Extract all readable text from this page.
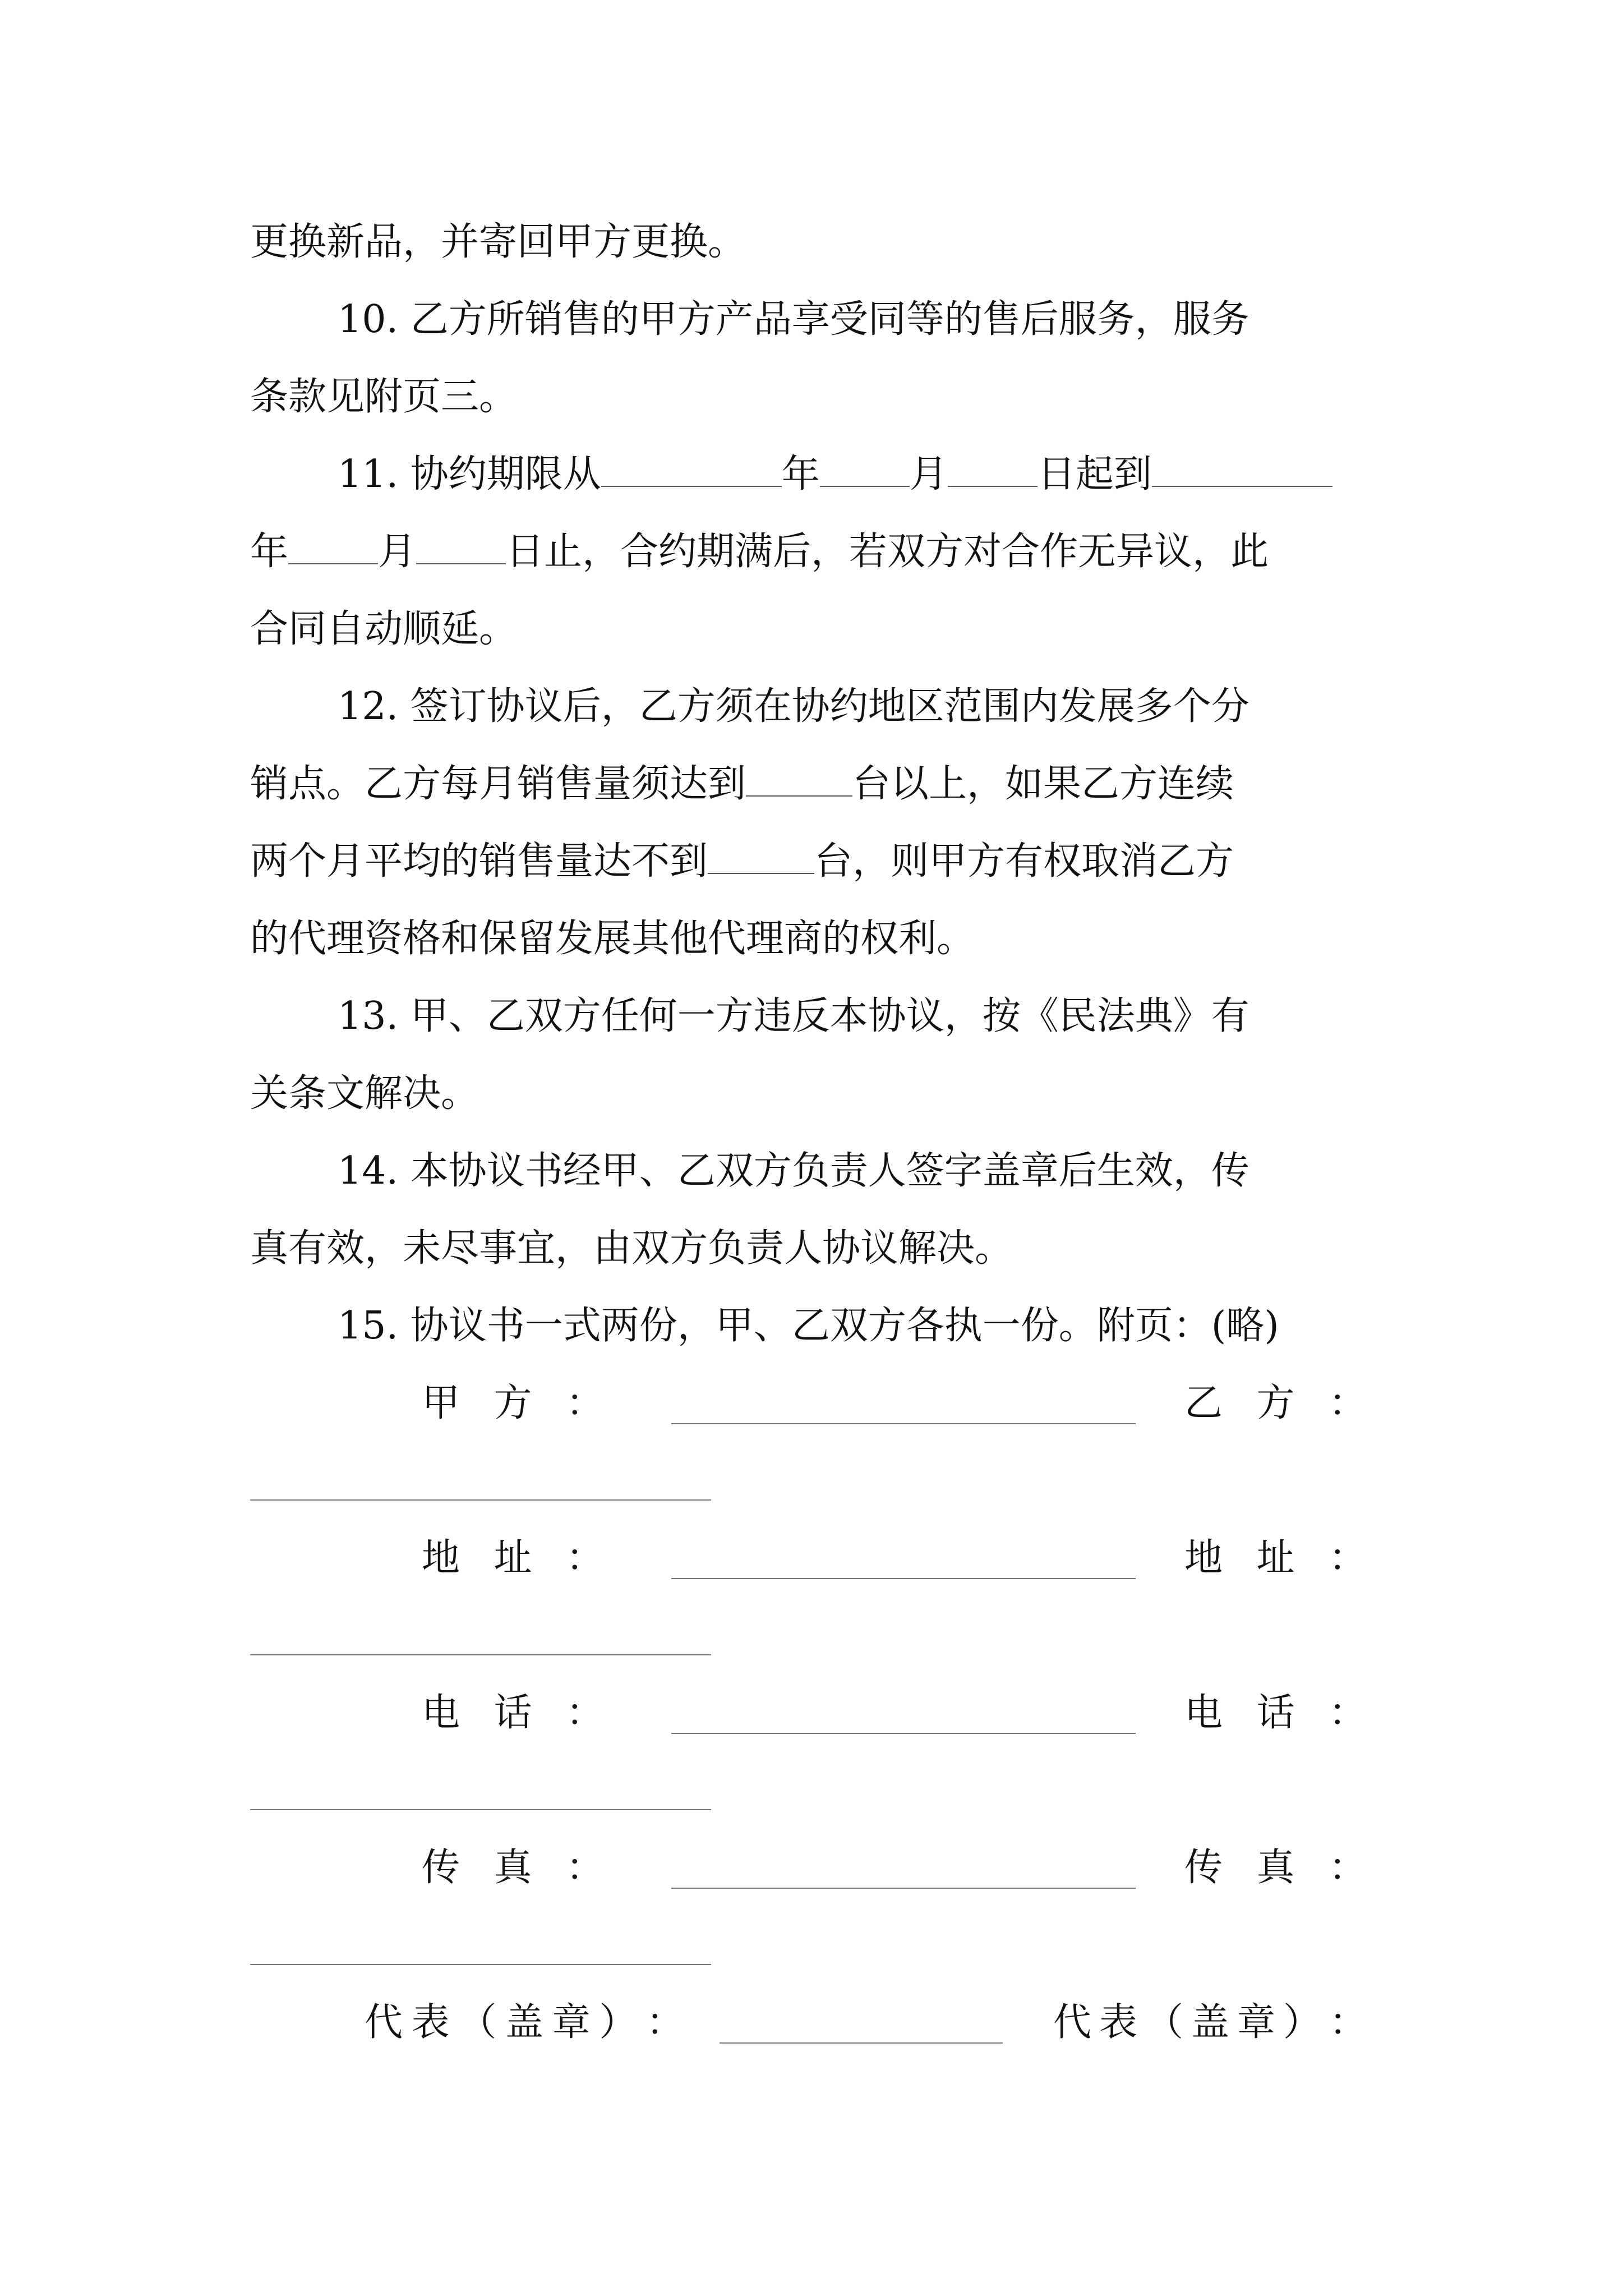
更换新品，并寄回甲方更换。
10. 乙方所销售的甲方产品享受同等的售后服务，服务
条款见附页三。
11. 协约期限从	年 月 日起到
年 月 日止，合约期满后，若双方对合作无异议，此
合同自动顺延。
12. 签订协议后，乙方须在协约地区范围内发展多个分
销点。乙方每月销售量须达到	台以上，如果乙方连续
两个月平均的销售量达不到	台，则甲方有权取消乙方
的代理资格和保留发展其他代理商的权利。
13. 甲、乙双方任何一方违反本协议，按《民法典》有
关条文解决。
14. 本协议书经甲、乙双方负责人签字盖章后生效，传
真有效，未尽事宜，由双方负责人协议解决。
15. 协议书一式两份，甲、乙双方各执一份。附页：(略)
甲 方 ：	乙 方 ：
地 址 ：	地 址 ：
电 话 ：	电 话 ：
传 真 ：	传 真 ：
代 表 （ 盖 章 ） ：	代 表 （ 盖 章 ） ：
